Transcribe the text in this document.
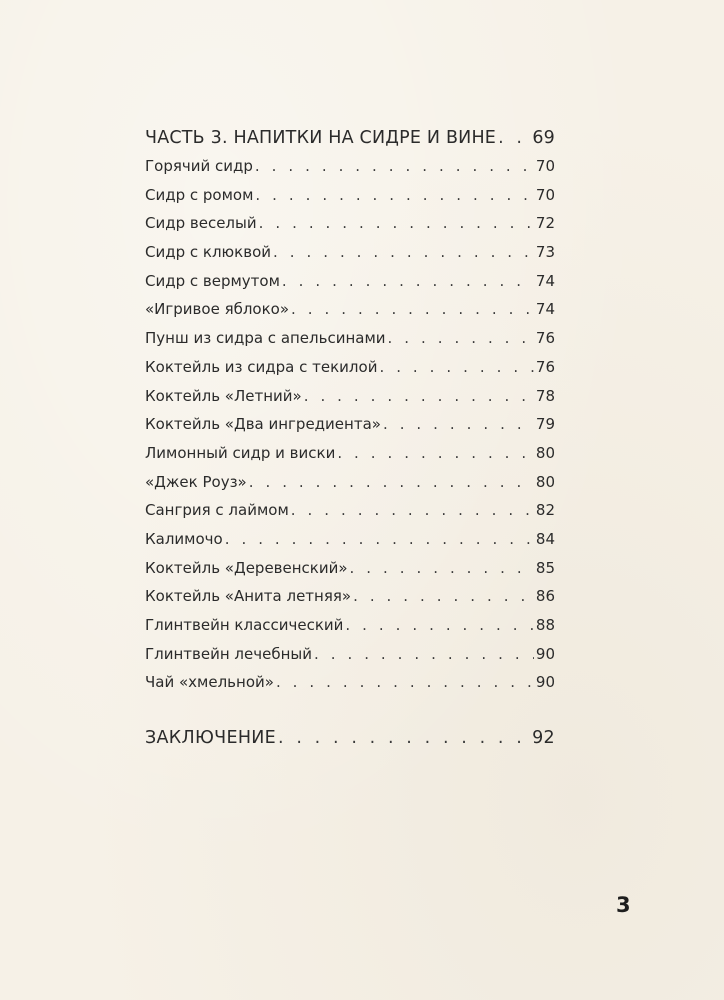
ЧАСТЬ 3. НАПИТКИ НА СИДРЕ И ВИНЕ . . . 69
Горячий сидр . . .	70
Сидр с ромом . . .	70
Сидр веселый . . .	72
Сидр с клюквой . . .	73
Сидр с вермутом . . .	74
«Игривое яблоко» . . .	74
Пунш из сидра с апельсинами . . .	76
Коктейль из сидра с текилой . . .	76
Коктейль «Летний» . . .	78
Коктейль «Два ингредиента» . . .	79
Лимонный сидр и виски . . .	80
«Джек Роуз» . . .	80
Сангрия с лаймом . . .	82
Калимочо . . .	84
Коктейль «Деревенский» . . .	85
Коктейль «Анита летняя» . . .	86
Глинтвейн классический . . .	88
Глинтвейн лечебный . . .	90
Чай «хмельной» . . .	90
ЗАКЛЮЧЕНИЕ . . .	92
3
